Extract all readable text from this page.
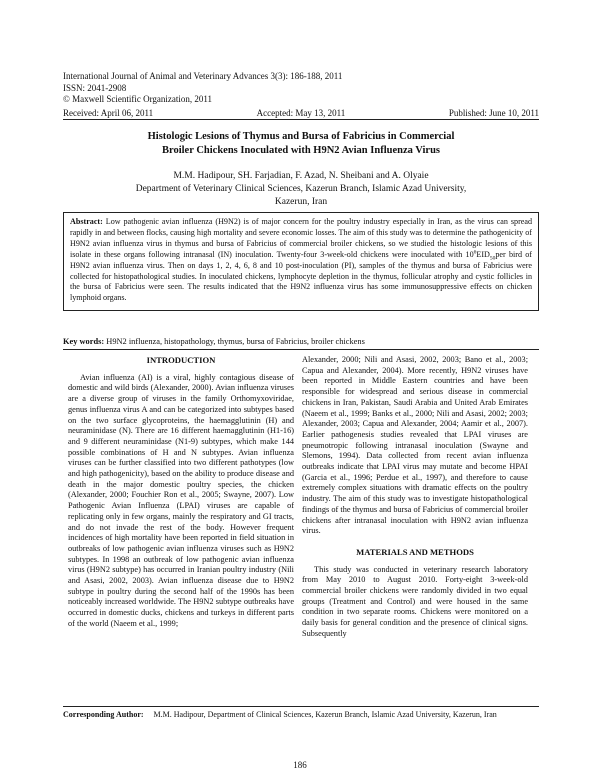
International Journal of Animal and Veterinary Advances 3(3): 186-188, 2011
ISSN: 2041-2908
© Maxwell Scientific Organization, 2011
Received: April 06, 2011	Accepted: May 13, 2011	Published: June 10, 2011
Histologic Lesions of Thymus and Bursa of Fabricius in Commercial
Broiler Chickens Inoculated with H9N2 Avian Influenza Virus
M.M. Hadipour, SH. Farjadian, F. Azad, N. Sheibani and A. Olyaie
Department of Veterinary Clinical Sciences, Kazerun Branch, Islamic Azad University,
Kazerun, Iran
Abstract: Low pathogenic avian influenza (H9N2) is of major concern for the poultry industry especially in Iran, as the virus can spread rapidly in and between flocks, causing high mortality and severe economic losses. The aim of this study was to determine the pathogenicity of H9N2 avian influenza virus in thymus and bursa of Fabricius of commercial broiler chickens, so we studied the histologic lesions of this isolate in these organs following intranasal (IN) inoculation. Twenty-four 3-week-old chickens were inoculated with $10^6EID_{50}per$ bird of H9N2 avian influenza virus. Then on days 1, 2, 4, 6, 8 and 10 post-inoculation (PI), samples of the thymus and bursa of Fabricius were collected for histopathological studies. In inoculated chickens, lymphocyte depletion in the thymus, follicular atrophy and cystic follicles in the bursa of Fabricius were seen. The results indicated that the H9N2 influenza virus has some immunosuppressive effects on chicken lymphoid organs.
Key words: H9N2 influenza, histopathology, thymus, bursa of Fabricius, broiler chickens
INTRODUCTION

Avian influenza (AI) is a viral, highly contagious disease of domestic and wild birds (Alexander, 2000). Avian influenza viruses are a diverse group of viruses in the family Orthomyxoviridae, genus influenza virus A and can be categorized into subtypes based on the two surface glycoproteins, the haemagglutinin (H) and neuraminidase (N). There are 16 different haemagglutinin (H1-16) and 9 different neuraminidase (N1-9) subtypes, which make 144 possible combinations of H and N subtypes. Avian influenza viruses can be further classified into two different pathotypes (low and high pathogenicity), based on the ability to produce disease and death in the major domestic poultry species, the chicken (Alexander, 2000; Fouchier Ron et al., 2005; Swayne, 2007). Low Pathogenic Avian Influenza (LPAI) viruses are capable of replicating only in few organs, mainly the respiratory and GI tracts, and do not invade the rest of the body. However frequent incidences of high mortality have been reported in field situation in outbreaks of low pathogenic avian influenza viruses such as H9N2 subtypes. In 1998 an outbreak of low pathogenic avian influenza virus (H9N2 subtype) has occurred in Iranian poultry industry (Nili and Asasi, 2002, 2003). Avian influenza disease due to H9N2 subtype in poultry during the second half of the 1990s has been noticeably increased worldwide. The H9N2 subtype outbreaks have occurred in domestic ducks, chickens and turkeys in different parts of the world (Naeem et al., 1999;

Alexander, 2000; Nili and Asasi, 2002, 2003; Bano et al., 2003; Capua and Alexander, 2004). More recently, H9N2 viruses have been reported in Middle Eastern countries and have been responsible for widespread and serious disease in commercial chickens in Iran, Pakistan, Saudi Arabia and United Arab Emirates (Naeem et al., 1999; Banks et al., 2000; Nili and Asasi, 2002; 2003; Alexander, 2003; Capua and Alexander, 2004; Aamir et al., 2007). Earlier pathogenesis studies revealed that LPAI viruses are pneumotropic following intranasal inoculation (Swayne and Slemons, 1994). Data collected from recent avian influenza outbreaks indicate that LPAI virus may mutate and become HPAI (Garcia et al., 1996; Perdue et al., 1997), and therefore to cause extremely complex situations with dramatic effects on the poultry industry. The aim of this study was to investigate histopathological findings of the thymus and bursa of Fabricius of commercial broiler chickens after intranasal inoculation with H9N2 avian influenza virus.

MATERIALS AND METHODS

This study was conducted in veterinary research laboratory from May 2010 to August 2010. Forty-eight 3-week-old commercial broiler chickens were randomly divided in two equal groups (Treatment and Control) and were housed in the same condition in two separate rooms. Chickens were monitored on a daily basis for general condition and the presence of clinical signs. Subsequently

Corresponding Author: M.M. Hadipour, Department of Clinical Sciences, Kazerun Branch, Islamic Azad University, Kazerun, Iran
186
